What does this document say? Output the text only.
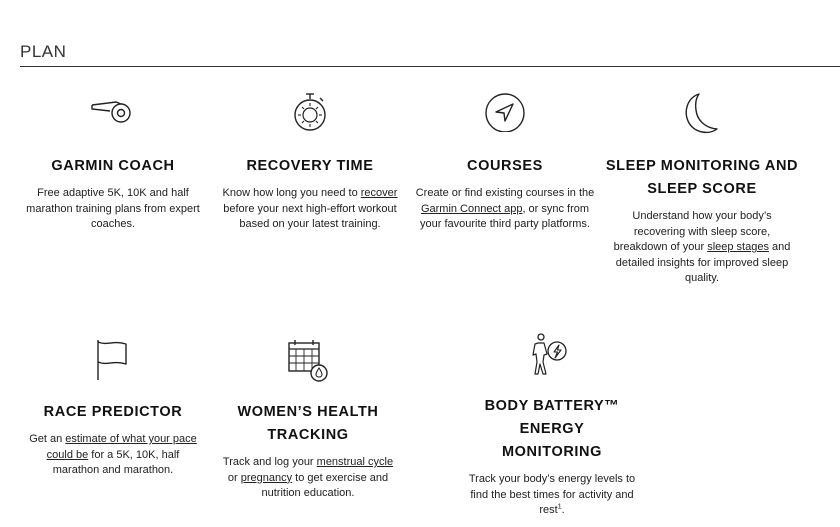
PLAN
GARMIN COACH

Free adaptive 5K, 10K and half
marathon training plans from expert
coaches.

RECOVERY TIME

Know how long you need to recover
before your next high-effort workout
based on your latest training.

COURSES

Create or find existing courses in the
Garmin Connect app, or sync from
your favourite third party platforms.

SLEEP MONITORING AND
SLEEP SCORE

Understand how your body’s
recovering with sleep score,
breakdown of your sleep stages and
detailed insights for improved sleep
quality.

RACE PREDICTOR

Get an estimate of what your pace
could be for a 5K, 10K, half
marathon and marathon.

WOMEN’S HEALTH
TRACKING

Track and log your menstrual cycle
or pregnancy to get exercise and
nutrition education.

BODY BATTERY™ ENERGY
MONITORING

Track your body’s energy levels to
find the best times for activity and
rest$^1$.
